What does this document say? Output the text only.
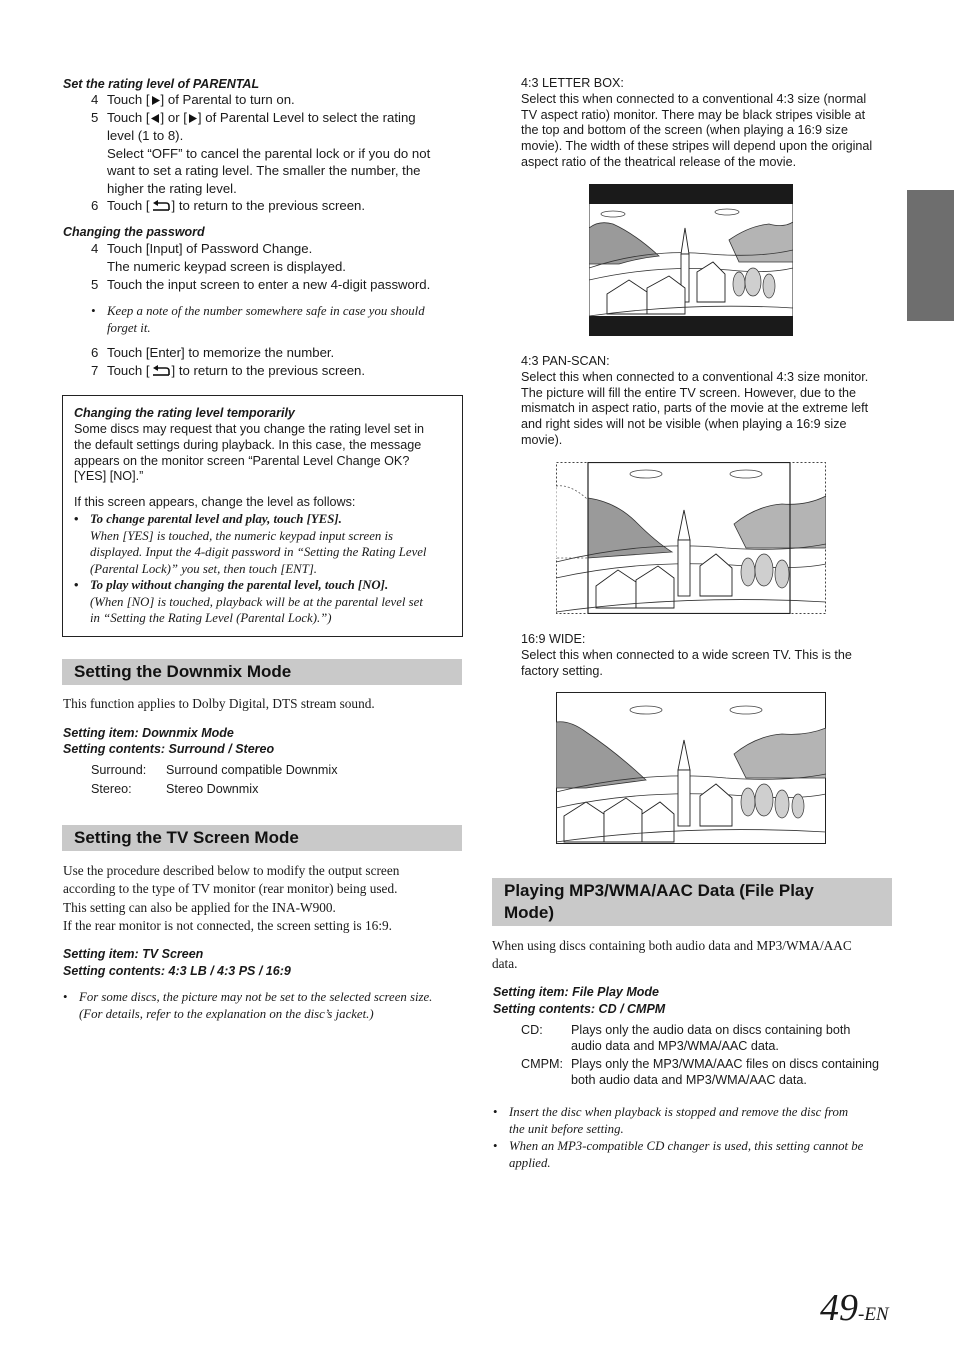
Set the rating level of PARENTAL
4 Touch [ ] of Parental to turn on.
5 Touch [ ] or [ ] of Parental Level to select the rating
level (1 to 8).
Select “OFF” to cancel the parental lock or if you do not
want to set a rating level. The smaller the number, the
higher the rating level.
6 Touch [ ] to return to the previous screen.
Changing the password
4 Touch [Input] of Password Change.
The numeric keypad screen is displayed.
5 Touch the input screen to enter a new 4-digit password.
• Keep a note of the number somewhere safe in case you should
forget it.
6 Touch [Enter] to memorize the number.
7 Touch [ ] to return to the previous screen.
Changing the rating level temporarily
Some discs may request that you change the rating level set in
the default settings during playback. In this case, the message
appears on the monitor screen “Parental Level Change OK?
[YES] [NO].”
If this screen appears, change the level as follows:
• To change parental level and play, touch [YES].
When [YES] is touched, the numeric keypad input screen is
displayed. Input the 4-digit password in “Setting the Rating Level
(Parental Lock)” you set, then touch [ENT].
• To play without changing the parental level, touch [NO].
(When [NO] is touched, playback will be at the parental level set
in “Setting the Rating Level (Parental Lock).”)
Setting the Downmix Mode
This function applies to Dolby Digital, DTS stream sound.
Setting item: Downmix Mode
Setting contents: Surround / Stereo
Surround: Surround compatible Downmix
Stereo:	Stereo Downmix
Setting the TV Screen Mode
Use the procedure described below to modify the output screen
according to the type of TV monitor (rear monitor) being used.
This setting can also be applied for the INA-W900.
If the rear monitor is not connected, the screen setting is 16:9.
Setting item: TV Screen
Setting contents: 4:3 LB / 4:3 PS / 16:9
• For some discs, the picture may not be set to the selected screen size.
(For details, refer to the explanation on the disc’s jacket.)
4:3 LETTER BOX:
Select this when connected to a conventional 4:3 size (normal
TV aspect ratio) monitor. There may be black stripes visible at
the top and bottom of the screen (when playing a 16:9 size
movie). The width of these stripes will depend upon the original
aspect ratio of the theatrical release of the movie.
4:3 PAN-SCAN:
Select this when connected to a conventional 4:3 size monitor.
The picture will fill the entire TV screen. However, due to the
mismatch in aspect ratio, parts of the movie at the extreme left
and right sides will not be visible (when playing a 16:9 size
movie).
16:9 WIDE:
Select this when connected to a wide screen TV. This is the
factory setting.
Playing MP3/WMA/AAC Data (File Play
Mode)
When using discs containing both audio data and MP3/WMA/AAC
data.
Setting item: File Play Mode
Setting contents: CD / CMPM
CD: Plays only the audio data on discs containing both
audio data and MP3/WMA/AAC data.
CMPM: Plays only the MP3/WMA/AAC files on discs containing
both audio data and MP3/WMA/AAC data.
• Insert the disc when playback is stopped and remove the disc from
the unit before setting.
• When an MP3-compatible CD changer is used, this setting cannot be
applied.
49-EN
